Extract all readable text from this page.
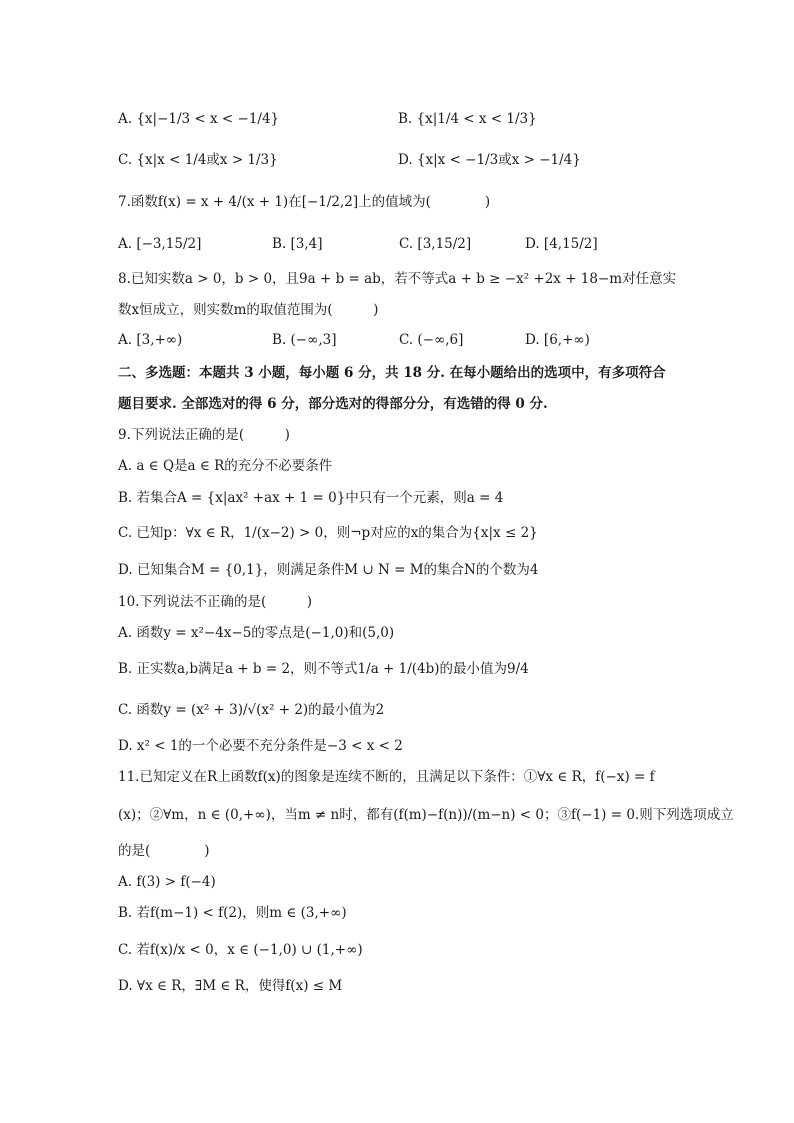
A. {x|−1/3 < x < −1/4}	B. {x|1/4 < x < 1/3}
C. {x|x < 1/4或x > 1/3}	D. {x|x < −1/3或x > −1/4}
7.函数f(x) = x + 4/(x + 1)在[−1/2,2]上的值域为(　　　　)
A. [−3,15/2]	B. [3,4]	C. [3,15/2]	D. [4,15/2]
8.已知实数a > 0，b > 0，且9a + b = ab，若不等式a + b ≥ −x² +2x + 18−m对任意实
数x恒成立，则实数m的取值范围为(　　　)
A. [3,+∞)	B. (−∞,3]	C. (−∞,6]	D. [6,+∞)
二、多选题：本题共 3 小题，每小题 6 分，共 18 分. 在每小题给出的选项中，有多项符合
题目要求. 全部选对的得 6 分，部分选对的得部分分，有选错的得 0 分.
9.下列说法正确的是(　　　)
A. a ∈ Q是a ∈ R的充分不必要条件
B. 若集合A = {x|ax² +ax + 1 = 0}中只有一个元素，则a = 4
C. 已知p：∀x ∈ R，1/(x−2) > 0，则¬p对应的x的集合为{x|x ≤ 2}
D. 已知集合M = {0,1}，则满足条件M ∪ N = M的集合N的个数为4
10.下列说法不正确的是(　　　)
A. 函数y = x²−4x−5的零点是(−1,0)和(5,0)
B. 正实数a,b满足a + b = 2，则不等式1/a + 1/(4b)的最小值为9/4
C. 函数y = (x² + 3)/√(x² + 2)的最小值为2
D. x² < 1的一个必要不充分条件是−3 < x < 2
11.已知定义在R上函数f(x)的图象是连续不断的，且满足以下条件：①∀x ∈ R，f(−x) = f
(x)；②∀m，n ∈ (0,+∞)，当m ≠ n时，都有(f(m)−f(n))/(m−n) < 0；③f(−1) = 0.则下列选项成立
的是(　　　　)
A. f(3) > f(−4)
B. 若f(m−1) < f(2)，则m ∈ (3,+∞)
C. 若f(x)/x < 0，x ∈ (−1,0) ∪ (1,+∞)
D. ∀x ∈ R，∃M ∈ R，使得f(x) ≤ M
